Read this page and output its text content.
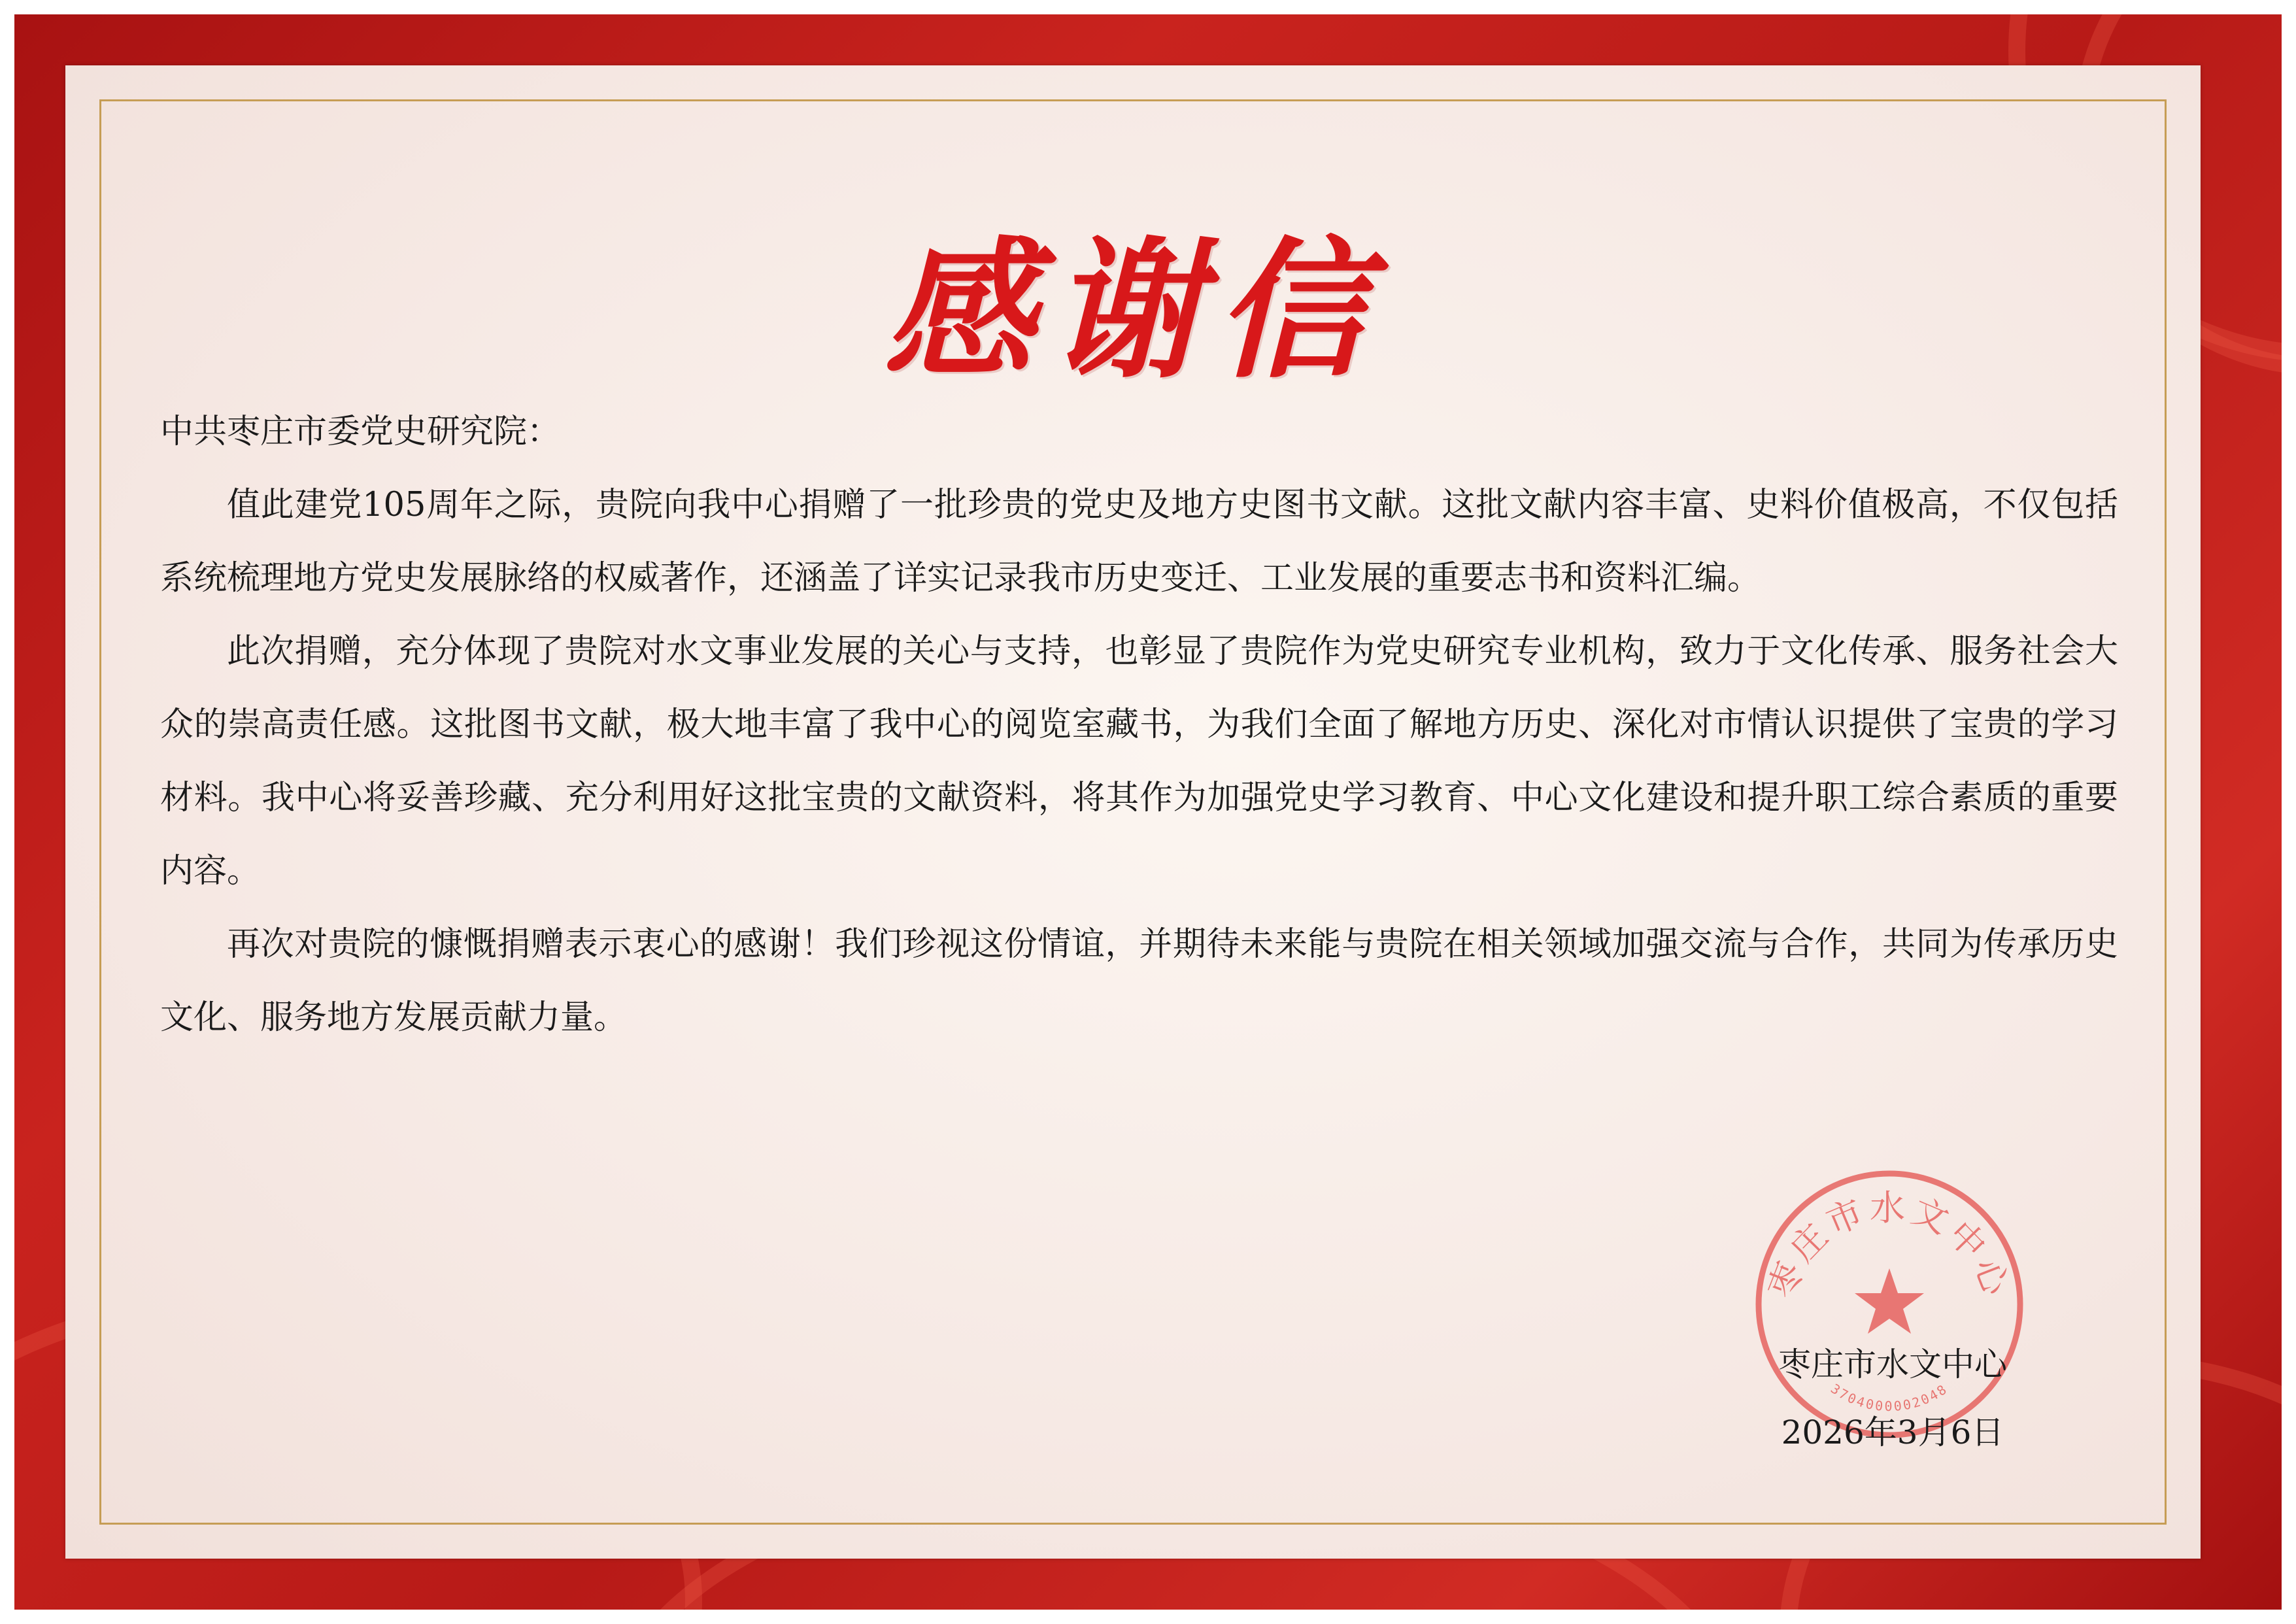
感谢信

中共枣庄市委党史研究院：

值此建党105周年之际，贵院向我中心捐赠了一批珍贵的党史及地方史图书文献。这批文献内容丰富、史料价值极高，不仅包括系统梳理地方党史发展脉络的权威著作，还涵盖了详实记录我市历史变迁、工业发展的重要志书和资料汇编。

此次捐赠，充分体现了贵院对水文事业发展的关心与支持，也彰显了贵院作为党史研究专业机构，致力于文化传承、服务社会大众的崇高责任感。这批图书文献，极大地丰富了我中心的阅览室藏书，为我们全面了解地方历史、深化对市情认识提供了宝贵的学习材料。我中心将妥善珍藏、充分利用好这批宝贵的文献资料，将其作为加强党史学习教育、中心文化建设和提升职工综合素质的重要内容。

再次对贵院的慷慨捐赠表示衷心的感谢！我们珍视这份情谊，并期待未来能与贵院在相关领域加强交流与合作，共同为传承历史文化、服务地方发展贡献力量。

枣庄市水文中心
3704000002048
枣庄市水文中心
2026年3月6日
